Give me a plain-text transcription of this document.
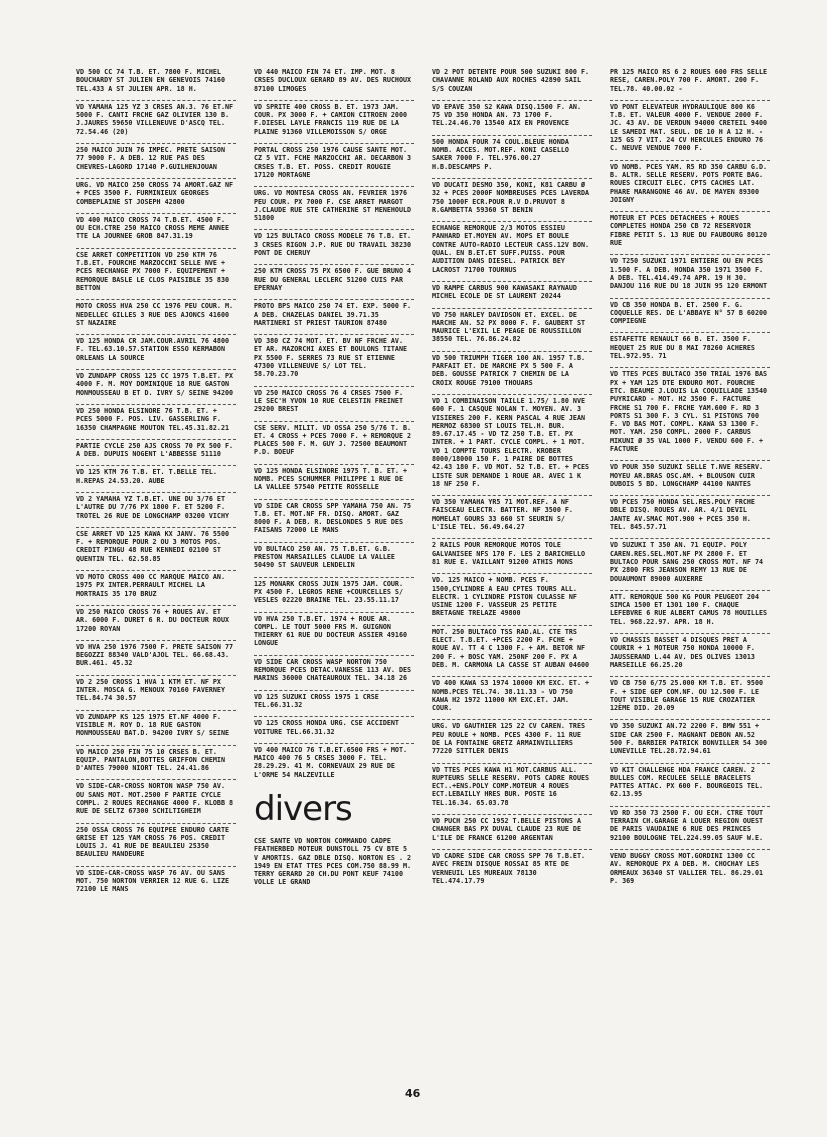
VD 500 CC 74 T.B. ET. 7800 F. MICHEL BOUCHARDY ST JULIEN EN GENEVOIS 74160 TEL.433 A ST JULIEN APR. 18 H.
VD YAMAHA 125 YZ 3 CRSES AN.3. 76 ET.NF 5000 F. CANTI FRCHE GAZ OLIVIER 130 B. J.JAURES 59650 VILLENEUVE D'ASCQ TEL. 72.54.46 (20)
250 MAICO JUIN 76 IMPEC. PRETE SAISON 77 9000 F. A DEB. 12 RUE PAS DES CHEVRES-LAGORD 17140 P.GUILHENJOUAN
URG. VD MAICO 250 CROSS 74 AMORT.GAZ NF + PCES 3500 F. FURMINIEUX GEORGES COMBEPLAINE ST JOSEPH 42800
VD 400 MAICO CROSS 74 T.B.ET. 4500 F. OU ECH.CTRE 250 MAICO CROSS MEME ANNEE TTE LA JOURNEE GROB 847.31.19
CSE ARRET COMPETITION VD 250 KTM 76 T.B.ET. FOURCHE MARZOCCHI SELLE NVE + PCES RECHANGE PX 7000 F. EQUIPEMENT + REMORQUE BASLE LE CLOS PAISIBLE 35 830 BETTON
MOTO CROSS HVA 250 CC 1976 PEU COUR. M. NEDELLEC GILLES 3 RUE DES AJONCS 41600 ST NAZAIRE
VD 125 HONDA CR JAM.COUR.AVRIL 76 4800 F. TEL.63.10.57.STATION ESSO KERMABON ORLEANS LA SOURCE
VD ZUNDAPP CROSS 125 CC 1975 T.B.ET. PX 4000 F. M. MOY DOMINIQUE 18 RUE GASTON MONMOUSSEAU B ET D. IVRY S/ SEINE 94200
VD 250 HONDA ELSINORE 76 T.B. ET. + PCES 5000 F. POS. LIV. GASSERLING F. 16350 CHAMPAGNE MOUTON TEL.45.31.82.21
PARTIE CYCLE 250 AJS CROSS 70 PX 500 F. A DEB. DUPUIS NOGENT L'ABBESSE 51110
VD 125 KTM 76 T.B. ET. T.BELLE TEL. H.REPAS 24.53.20. AUBE
VD 2 YAMAHA YZ T.B.ET. UNE DU 3/76 ET L'AUTRE DU 7/76 PX 1800 F. ET 5200 F. TROTEL 26 RUE DE LONGCHAMP 03200 VICHY
CSE ARRET VD 125 KAWA KX JANV. 76 5500 F. + REMORQUE POUR 2 OU 3 MOTOS POS. CREDIT PINGU 48 RUE KENNEDI 02100 ST QUENTIN TEL. 62.58.85
VD MOTO CROSS 400 CC MARQUE MAICO AN. 1975 PX INTER.PERRAULT MICHEL LA MORTRAIS 35 170 BRUZ
VD 250 MAICO CROSS 76 + ROUES AV. ET AR. 6000 F. DURET 6 R. DU DOCTEUR ROUX 17200 ROYAN
VD HVA 250 1976 7500 F. PRETE SAISON 77 BEGOZZI 88340 VALD'AJOL TEL. 66.68.43. BUR.461. 45.32
VD 2 250 CROSS 1 HVA 1 KTM ET. NF PX INTER. MOSCA G. MENOUX 70160 FAVERNEY TEL.84.74 30.57
VD ZUNDAPP KS 125 1975 ET.NF 4000 F. VISIBLE M. ROY D. 18 RUE GASTON MONMOUSSEAU BAT.D. 94200 IVRY S/ SEINE
VD MAICO 250 FIN 75 10 CRSES B. ET. EQUIP. PANTALON,BOTTES GRIFFON CHEMIN D'ANTES 79000 NIORT TEL. 24.41.86
VD SIDE-CAR-CROSS NORTON WASP 750 AV. OU SANS MOT. MOT.2500 F PARTIE CYCLE COMPL. 2 ROUES RECHANGE 4000 F. KLOBB 8 RUE DE SELTZ 67300 SCHILTIGHEIM
250 OSSA CROSS 76 EQUIPEE ENDURO CARTE GRISE ET 125 YAM CROSS 76 POS. CREDIT LOUIS J. 41 RUE DE BEAULIEU 25350 BEAULIEU MANDEURE
VD SIDE-CAR-CROSS WASP 76 AV. OU SANS MOT. 750 NORTON VERRIER 12 RUE G. LIZE 72100 LE MANS
VD 440 MAICO FIN 74 ET. IMP. MOT. 8 CRSES DUCLOUX GERARD 89 AV. DES RUCHOUX 87100 LIMOGES
VD SPRITE 400 CROSS B. ET. 1973 JAM. COUR. PX 3000 F. + CAMION CITROEN 2000 F.DIESEL LAYLE FRANCIS 119 RUE DE LA PLAINE 91360 VILLEMOISSON S/ ORGE
PORTAL CROSS 250 1976 CAUSE SANTE MOT. CZ 5 VIT. FCHE MARZOCCHI AR. DECARBON 3 CRSES T.B. ET. POSS. CREDIT ROUGIE 17120 MORTAGNE
URG. VD MONTESA CROSS AN. FEVRIER 1976 PEU COUR. PX 7000 F. CSE ARRET MARGOT J.CLAUDE RUE STE CATHERINE ST MENEHOULD 51800
VD 125 BULTACO CROSS MODELE 76 T.B. ET. 3 CRSES RIGON J.P. RUE DU TRAVAIL 38230 PONT DE CHERUY
250 KTM CROSS 75 PX 6500 F. GUE BRUNO 4 RUE DU GENERAL LECLERC 51200 CUIS PAR EPERNAY
PROTO BPS MAICO 250 74 ET. EXP. 5000 F. A DEB. CHAZELAS DANIEL 39.71.35 MARTINERI ST PRIEST TAURION 87480
VD 380 CZ 74 MOT. ET. BV NF FRCHE AV. ET AR. MAZORCHI AXES ET BOULONS TITANE PX 5500 F. SERRES 73 RUE ST ETIENNE 47300 VILLENEUVE S/ LOT TEL. 58.70.23.70
VD 250 MAICO CROSS 76 4 CRSES 7500 F. LE SEC'H YVON 10 RUE CELESTIN FREINET 29200 BREST
CSE SERV. MILIT. VD OSSA 250 5/76 T. B. ET. 4 CROSS + PCES 7000 F. + REMORQUE 2 PLACES 500 F. M. GUY J. 72500 BEAUMONT P.D. BOEUF
VD 125 HONDA ELSINORE 1975 T. B. ET. + NOMB. PCES SCHUMMER PHILIPPE 1 RUE DE LA VALLEE 57540 PETITE ROSSELLE
VD SIDE CAR CROSS SPP YAMAHA 750 AN. 75 T.B. ET. MOT.NF FR. DISQ. AMORT. GAZ 8000 F. A DEB. R. DESLONDES 5 RUE DES FAISANS 72000 LE MANS
VD BULTACO 250 AN. 75 T.B.ET. G.B. PRESTON MARSAILLES CLAUDE LA VALLEE 50490 ST SAUVEUR LENDELIN
125 MONARK CROSS JUIN 1975 JAM. COUR. PX 4500 F. LEGROS RENE +COURCELLES S/ VESLES 02220 BRAINE TEL. 23.55.11.17
VD HVA 250 T.B.ET. 1974 + ROUE AR. COMPL. LE TOUT 5000 FRS M. GUIGNON THIERRY 61 RUE DU DOCTEUR ASSIER 49160 LONGUE
VD SIDE CAR CROSS WASP NORTON 750 REMORQUE PCES DETAC.VANESSE 113 AV. DES MARINS 36000 CHATEAUROUX TEL. 34.18 26
VD 125 SUZUKI CROSS 1975 1 CRSE TEL.66.31.32
VD 125 CROSS HONDA URG. CSE ACCIDENT VOITURE TEL.66.31.32
VD 400 MAICO 76 T.B.ET.6500 FRS + MOT. MAICO 400 76 5 CRSES 3000 F. TEL. 28.29.29. 41 M. CORNEVAUX 29 RUE DE L'ORME 54 MALZEVILLE
divers
CSE SANTE VD NORTON COMMANDO CADPE FEATHERBED MOTEUR DUNSTOLL 75 CV BTE 5 V AMORTIS. GAZ DBLE DISQ. NORTON ES . 2 1949 EN ETAT TTES PCES COM.750 88.99 M. TERRY GERARD 20 CH.DU PONT KEUF 74100 VOLLE LE GRAND
VD 2 POT DETENTE POUR 500 SUZUKI 800 F. CHAVANNE ROLAND AUX ROCHES 42890 SAIL S/S COUZAN
VD EPAVE 350 S2 KAWA DISQ.1500 F. AN. 75 VD 350 HONDA AN. 73 1700 F. TEL.24.46.70 13540 AIX EN PROVENCE
500 HONDA FOUR 74 COUL.BLEUE HONDA NOMB. ACCES. MOT.REF. KONI CASELLO SAKER 7000 F. TEL.976.00.27 H.B.DESCAMPS P.
VD DUCATI DESMO 350, KONI, K81 CARBU Ø 32 + PCES 2000F NOMBREUSES PCES LAVERDA 750 1000F ECR.POUR R.V D.PRUVOT 8 R.GAMBETTA 59360 ST BENIN
ECHANGE REMORQUE 2/3 MOTOS ESSIEU PANHARD ET.MOYEN AV. MOPS ET BOULE CONTRE AUTO-RADIO LECTEUR CASS.12V BON. QUAL. EN B.ET.ET SUFF.PUISS. POUR AUDITION DANS DIESEL. PATRICK BEY LACROST 71700 TOURNUS
VD RAMPE CARBUS 900 KAWASAKI RAYNAUD MICHEL ECOLE DE ST LAURENT 20244
VD 750 HARLEY DAVIDSON ET. EXCEL. DE MARCHE AN. 52 PX 8000 F. F. GAUBERT ST MAURICE L'EXIL LE PEAGE DE ROUSSILLON 38550 TEL. 76.86.24.82
VD 500 TRIUMPH TIGER 100 AN. 1957 T.B. PARFAIT ET. DE MARCHE PX 5 500 F. A DEB. GOUSSE PATRICK 7 CHEMIN DE LA CROIX ROUGE 79100 THOUARS
VD 1 COMBINAISON TAILLE 1.75/ 1.80 NVE 600 F. 1 CASQUE NOLAN T. MOYEN. AV. 3 VISIERES 200 F. KERN PASCAL 4 RUE JEAN MERMOZ 68300 ST LOUIS TEL.H. BUR. 89.67.17.45 - VD TZ 250 T.B. ET. PX INTER. + 1 PART. CYCLE COMPL. + 1 MOT. VD 1 COMPTE TOURS ELECTR. KROBER 8000/18000 150 F. 1 PAIRE DE BOTTES 42.43 180 F. VD MOT. 52 T.B. ET. + PCES LISTE SUR DEMANDE 1 ROUE AR. AVEC 1 K 18 NF 250 F.
VD 350 YAMAHA YR5 71 MOT.REF. A NF FAISCEAU ELECTR. BATTER. NF 3500 F. MOMELAT GOURS 33 660 ST SEURIN S/ L'ISLE TEL. 56.49.64.27
2 RAILS POUR REMORQUE MOTOS TOLE GALVANISEE NFS 170 F. LES 2 BARICHELLO 81 RUE E. VAILLANT 91200 ATHIS MONS
VD. 125 MAICO + NOMB. PCES F. 1500,CYLINDRE A EAU CPTES TOURS ALL. ELECTR. 1 CYLINDRE PISTON CULASSE NF USINE 1200 F. VASSEUR 25 PETITE BRETAGNE TRELAZE 49800
MOT. 250 BULTACO TSS RAD.AL. CTE TRS ELECT. T.B.ET. +PCES 2200 F. FCHE + ROUE AV. TT 4 C 1300 F. + AM. BETOR NF 200 F. + BOSC YAM. 250NF 200 F. PX A DEB. M. CARMONA LA CASSE ST AUBAN 04600
VD 400 KAWA S3 1974 10000 KM EXC. ET. + NOMB.PCES TEL.74. 38.11.33 - VD 750 KAWA H2 1972 11000 KM EXC.ET. JAM. COUR.
URG. VD GAUTHIER 125 22 CV CAREN. TRES PEU ROULE + NOMB. PCES 4300 F. 11 RUE DE LA FONTAINE GRETZ ARMAINVILLIERS 77220 SITTLER DENIS
VD TTES PCES KAWA H1 MOT.CARBUS ALL. RUPTEURS SELLE RESERV. POTS CADRE ROUES ECT..+ENS.POLY COMP.MOTEUR 4 ROUES ECT.LEBAILLY HRES BUR. POSTE 16 TEL.16.34. 65.03.78
VD PUCH 250 CC 1952 T.BELLE PISTONS A CHANGER BAS PX DUVAL CLAUDE 23 RUE DE L'ILE DE FRANCE 61200 ARGENTAN
VD CADRE SIDE CAR CROSS SPP 76 T.B.ET. AVEC FREIN DISQUE ROSSAI 85 RTE DE VERNEUIL LES MUREAUX 78130 TEL.474.17.79
PR 125 MAICO RS 6 2 ROUES 600 FRS SELLE RESE, CAREN.POLY 700 F. AMORT. 200 F. TEL.78. 40.00.02 -
VD PONT ELEVATEUR HYDRAULIQUE 800 K6 T.B. ET. VALEUR 4000 F. VENDUE 2000 F. JC. 43 AV. DE VERDUN 94000 CRETEIL 9400 LE SAMEDI MAT. SEUL. DE 10 H A 12 H. - 125 GS 7 VIT. 24 CV HERCULES ENDURO 76 C. NEUVE VENDUE 7000 F.
VD NOMB. PCES YAM. R5 RD 350 CARBU G.D. B. ALTR. SELLE RESERV. POTS PORTE BAG. ROUES CIRCUIT ELEC. CPTS CACHES LAT. PHARE MARANGONE 46 AV. DE MAYEN 89300 JOIGNY
MOTEUR ET PCES DETACHEES + ROUES COMPLETES HONDA 250 CB 72 RESERVOIR FIBRE PETIT S. 13 RUE DU FAUBOURG 80120 RUE
VD T250 SUZUKI 1971 ENTIERE OU EN PCES 1.500 F. A DEB. HONDA 350 1971 3500 F. A DEB. TEL.414.49.74 APR. 19 H 30. DANJOU 116 RUE DU 18 JUIN 95 120 ERMONT
VD CB 350 HONDA B. ET. 2500 F. G. COQUELLE RES. DE L'ABBAYE N° 57 B 60200 COMPIEGNE
ESTAFETTE RENAULT 66 B. ET. 3500 F. HEQUET 25 RUE DU 8 MAI 78260 ACHERES TEL.972.95. 71
VD TTES PCES BULTACO 350 TRIAL 1976 BAS PX + YAM 125 DTE ENDURO MOT. FOURCHE ETC. BEAUME J.LOUIS LA COQUILLADE 13540 PUYRICARD - MOT. H2 3500 F. FACTURE FRCHE S1 700 F. FRCHE YAM.600 F. RD 3 PORTS S1 300 F. 3 CYL. S1 PISTONS 700 F. VD BAS MOT. COMPL. KAWA S3 1300 F. MOT. YAM. 250 COMPL. 2000 F. CARBUS MIKUNI Ø 35 VAL 1000 F. VENDU 600 F. + FACTURE
VD POUR 350 SUZUKI SELLE T.NVE RESERV. MOYEU AR.BRAS OSC.AM. + BLOUSON CUIR DUBOIS 5 BD. LONGCHAMP 44100 NANTES
VD PCES 750 HONDA SEL.RES.POLY FRCHE DBLE DISQ. ROUES AV. AR. 4/1 DEVIL JANTE AV.SMAC MOT.900 + PCES 350 H. TEL. 845.57.71
VD SUZUKI T 350 AN. 71 EQUIP. POLY CAREN.RES.SEL.MOT.NF PX 2800 F. ET BULTACO POUR SANG 250 CROSS MOT. NF 74 PX 2800 FRS JEANSON REMY 13 RUE DE DOUAUMONT 89000 AUXERRE
ATT. REMORQUE 500 KG POUR PEUGEOT 204 SIMCA 1500 ET 1301 100 F. CHAQUE LEFEBVRE 6 RUE ALBERT CAMUS 78 HOUILLES TEL. 968.22.97. APR. 18 H.
VD CHASSIS BASSET 4 DISQUES PRET A COURIR + 1 MOTEUR 750 HONDA 10000 F. JAUSSERAND L.44 AV. DES OLIVES 13013 MARSEILLE 66.25.20
VD CB 750 6/75 25.000 KM T.B. ET. 9500 F. + SIDE GEP COM.NF. OU 12.500 F. LE TOUT VISIBLE GARAGE 15 RUE CROZATIER 12ÈME DID. 20.09
VD 350 SUZUKI AN.72 2200 F. BMW 551 + SIDE CAR 2500 F. MAGNANT DEBON AN.52 500 F. BARBIER PATRICK BONVILLER 54 300 LUNEVILLE TEL.28.72.94.61
VD KIT CHALLENGE HDA FRANCE CAREN. 2 BULLES COM. RECULEE SELLE BRACELETS PATTES ATTAC. PX 600 F. BOURGEOIS TEL. 62.13.95
VD RD 350 73 2500 F. OU ECH. CTRE TOUT TERRAIN CH.GARAGE A LOUER REGION OUEST DE PARIS VAUDAINE 6 RUE DES PRINCES 92100 BOULOGNE TEL.224.99.05 SAUF W.E.
VEND BUGGY CROSS MOT.GORDINI 1300 CC AV. REMORQUE PX A DEB. M. CHOCHAY LES ORMEAUX 36340 ST VALLIER TEL. 86.29.01 P. 369
46
